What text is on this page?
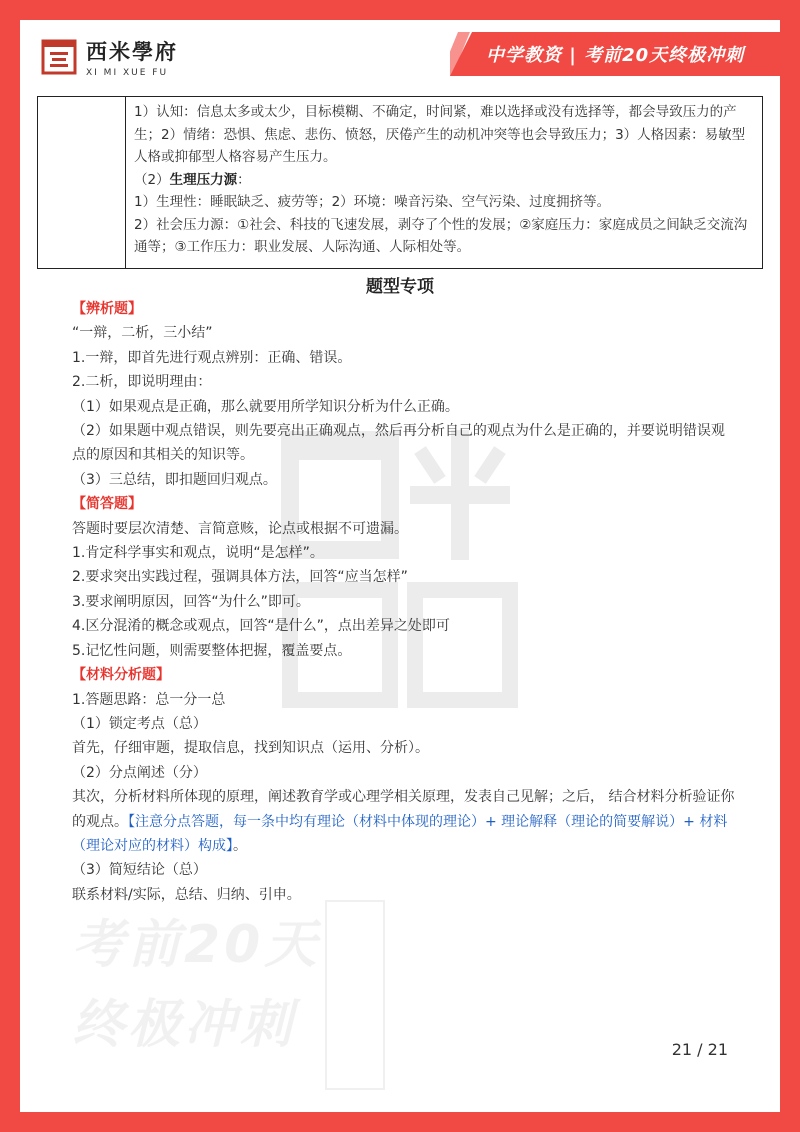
西米學府
XI MI XUE FU
中学教资 | 考前20天终极冲刺

1）认知：信息太多或太少，目标模糊、不确定，时间紧，难以选择或没有选择等，都会导致压力的产生；2）情绪：恐惧、焦虑、悲伤、愤怒，厌倦产生的动机冲突等也会导致压力；3）人格因素：易敏型人格或抑郁型人格容易产生压力。

（2）生理压力源：

1）生理性：睡眠缺乏、疲劳等；2）环境：噪音污染、空气污染、过度拥挤等。

2）社会压力源：①社会、科技的飞速发展，剥夺了个性的发展；②家庭压力：家庭成员之间缺乏交流沟通等；③工作压力：职业发展、人际沟通、人际相处等。

题型专项

【辨析题】

“一辩，二析，三小结”

1.一辩，即首先进行观点辨别：正确、错误。

2.二析，即说明理由：

（1）如果观点是正确，那么就要用所学知识分析为什么正确。

（2）如果题中观点错误，则先要亮出正确观点，然后再分析自己的观点为什么是正确的，并要说明错误观点的原因和其相关的知识等。

（3）三总结，即扣题回归观点。

【简答题】

答题时要层次清楚、言简意赅，论点或根据不可遗漏。

1.肯定科学事实和观点，说明“是怎样”。

2.要求突出实践过程，强调具体方法，回答“应当怎样”

3.要求阐明原因，回答“为什么”即可。

4.区分混淆的概念或观点，回答“是什么”，点出差异之处即可

5.记忆性问题，则需要整体把握，覆盖要点。

【材料分析题】

1.答题思路：总一分一总

（1）锁定考点（总）

首先，仔细审题，提取信息，找到知识点（运用、分析）。

（2）分点阐述（分）

其次，分析材料所体现的原理，阐述教育学或心理学相关原理，发表自己见解；之后， 结合材料分析验证你的观点。【注意分点答题，每一条中均有理论（材料中体现的理论）+ 理论解释（理论的简要解说）+ 材料（理论对应的材料）构成】。

（3）简短结论（总）

联系材料/实际，总结、归纳、引申。

考前20天
终极冲刺	21 / 21
